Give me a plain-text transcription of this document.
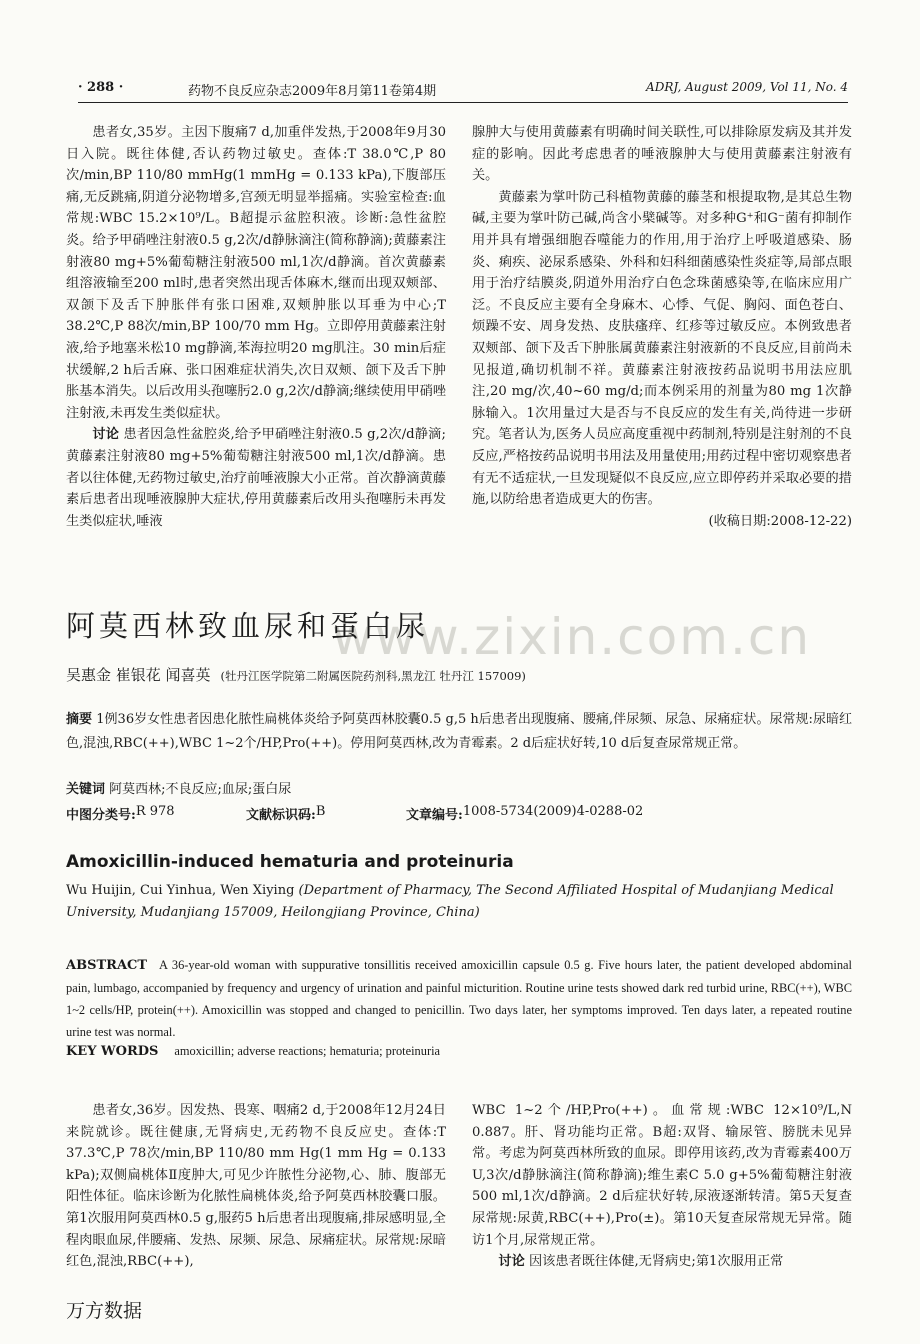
· 288 ·	药物不良反应杂志2009年8月第11卷第4期	ADRJ, August 2009, Vol 11, No. 4

患者女,35岁。主因下腹痛7 d,加重伴发热,于2008年9月30日入院。既往体健,否认药物过敏史。查体:T 38.0℃,P 80次/min,BP 110/80 mmHg(1 mmHg = 0.133 kPa),下腹部压痛,无反跳痛,阴道分泌物增多,宫颈无明显举摇痛。实验室检查:血常规:WBC 15.2×10⁹/L。B超提示盆腔积液。诊断:急性盆腔炎。给予甲硝唑注射液0.5 g,2次/d静脉滴注(简称静滴);黄藤素注射液80 mg+5%葡萄糖注射液500 ml,1次/d静滴。首次黄藤素组溶液输至200 ml时,患者突然出现舌体麻木,继而出现双颊部、双颌下及舌下肿胀伴有张口困难,双颊肿胀以耳垂为中心;T 38.2℃,P 88次/min,BP 100/70 mm Hg。立即停用黄藤素注射液,给予地塞米松10 mg静滴,苯海拉明20 mg肌注。30 min后症状缓解,2 h后舌麻、张口困难症状消失,次日双颊、颌下及舌下肿胀基本消失。以后改用头孢噻肟2.0 g,2次/d静滴;继续使用甲硝唑注射液,未再发生类似症状。

讨论 患者因急性盆腔炎,给予甲硝唑注射液0.5 g,2次/d静滴;黄藤素注射液80 mg+5%葡萄糖注射液500 ml,1次/d静滴。患者以往体健,无药物过敏史,治疗前唾液腺大小正常。首次静滴黄藤素后患者出现唾液腺肿大症状,停用黄藤素后改用头孢噻肟未再发生类似症状,唾液

腺肿大与使用黄藤素有明确时间关联性,可以排除原发病及其并发症的影响。因此考虑患者的唾液腺肿大与使用黄藤素注射液有关。

黄藤素为掌叶防己科植物黄藤的藤茎和根提取物,是其总生物碱,主要为掌叶防己碱,尚含小檗碱等。对多种G⁺和G⁻菌有抑制作用并具有增强细胞吞噬能力的作用,用于治疗上呼吸道感染、肠炎、痢疾、泌尿系感染、外科和妇科细菌感染性炎症等,局部点眼用于治疗结膜炎,阴道外用治疗白色念珠菌感染等,在临床应用广泛。不良反应主要有全身麻木、心悸、气促、胸闷、面色苍白、烦躁不安、周身发热、皮肤瘙痒、红疹等过敏反应。本例致患者双颊部、颌下及舌下肿胀属黄藤素注射液新的不良反应,目前尚未见报道,确切机制不祥。黄藤素注射液按药品说明书用法应肌注,20 mg/次,40~60 mg/d;而本例采用的剂量为80 mg 1次静脉输入。1次用量过大是否与不良反应的发生有关,尚待进一步研究。笔者认为,医务人员应高度重视中药制剂,特别是注射剂的不良反应,严格按药品说明书用法及用量使用;用药过程中密切观察患者有无不适症状,一旦发现疑似不良反应,应立即停药并采取必要的措施,以防给患者造成更大的伤害。

(收稿日期:2008-12-22)
www.zixin.com.cn
阿莫西林致血尿和蛋白尿
吴惠金 崔银花 闻喜英 (牡丹江医学院第二附属医院药剂科,黑龙江 牡丹江 157009)
摘要 1例36岁女性患者因患化脓性扁桃体炎给予阿莫西林胶囊0.5 g,5 h后患者出现腹痛、腰痛,伴尿频、尿急、尿痛症状。尿常规:尿暗红色,混浊,RBC(++),WBC 1~2个/HP,Pro(++)。停用阿莫西林,改为青霉素。2 d后症状好转,10 d后复查尿常规正常。
关键词 阿莫西林;不良反应;血尿;蛋白尿
中图分类号: R 978	文献标识码: B	文章编号: 1008-5734(2009)4-0288-02
Amoxicillin-induced hematuria and proteinuria
Wu Huijin, Cui Yinhua, Wen Xiying (Department of Pharmacy, The Second Affiliated Hospital of Mudanjiang Medical University, Mudanjiang 157009, Heilongjiang Province, China)
ABSTRACT A 36-year-old woman with suppurative tonsillitis received amoxicillin capsule 0.5 g. Five hours later, the patient developed abdominal pain, lumbago, accompanied by frequency and urgency of urination and painful micturition. Routine urine tests showed dark red turbid urine, RBC(++), WBC 1~2 cells/HP, protein(++). Amoxicillin was stopped and changed to penicillin. Two days later, her symptoms improved. Ten days later, a repeated routine urine test was normal.
KEY WORDS amoxicillin; adverse reactions; hematuria; proteinuria

患者女,36岁。因发热、畏寒、咽痛2 d,于2008年12月24日来院就诊。既往健康,无肾病史,无药物不良反应史。查体:T 37.3℃,P 78次/min,BP 110/80 mm Hg(1 mm Hg = 0.133 kPa);双侧扁桃体Ⅱ度肿大,可见少许脓性分泌物,心、肺、腹部无阳性体征。临床诊断为化脓性扁桃体炎,给予阿莫西林胶囊口服。第1次服用阿莫西林0.5 g,服药5 h后患者出现腹痛,排尿感明显,全程肉眼血尿,伴腰痛、发热、尿频、尿急、尿痛症状。尿常规:尿暗红色,混浊,RBC(++),

WBC 1~2个/HP,Pro(++)。血常规:WBC 12×10⁹/L,N 0.887。肝、肾功能均正常。B超:双肾、输尿管、膀胱未见异常。考虑为阿莫西林所致的血尿。即停用该药,改为青霉素400万U,3次/d静脉滴注(简称静滴);维生素C 5.0 g+5%葡萄糖注射液500 ml,1次/d静滴。2 d后症状好转,尿液逐渐转清。第5天复查尿常规:尿黄,RBC(++),Pro(±)。第10天复查尿常规无异常。随访1个月,尿常规正常。

讨论 因该患者既往体健,无肾病史;第1次服用正常

万方数据
